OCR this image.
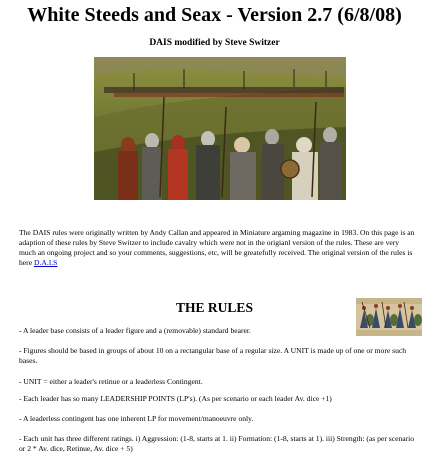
White Steeds and Seax - Version 2.7 (6/8/08)
DAIS modified by Steve Switzer
The DAIS rules were originally written by Andy Callan and appeared in Miniature argaming magazine in 1983. On this page is an adaption of these rules by Steve Switzer to include cavalry which were not in the origianl version of the rules. These are very much an ongoing project and so your comments, suggestions, etc, will be greatefully received. The original version of the rules is here D.A.I.S
THE RULES
- A leader base consists of a leader figure and a (removable) standard bearer.
- Figures should be based in groups of about 10 on a rectangular base of a regular size. A UNIT is made up of one or more such bases.
- UNIT = either a leader's retinue or a leaderless Contingent.
- Each leader has so many LEADERSHIP POINTS (LP's). (As per scenario or each leader Av. dice +1)
- A leaderless contingent has one inherent LP for movement/manoeuvre only.
- Each unit has three different ratings. i) Aggression: (1-8, starts at 1. ii) Formation: (1-8, starts at 1). iii) Strength: (as per scenario or 2 * Av. dice, Retinue, Av. dice + 5)
